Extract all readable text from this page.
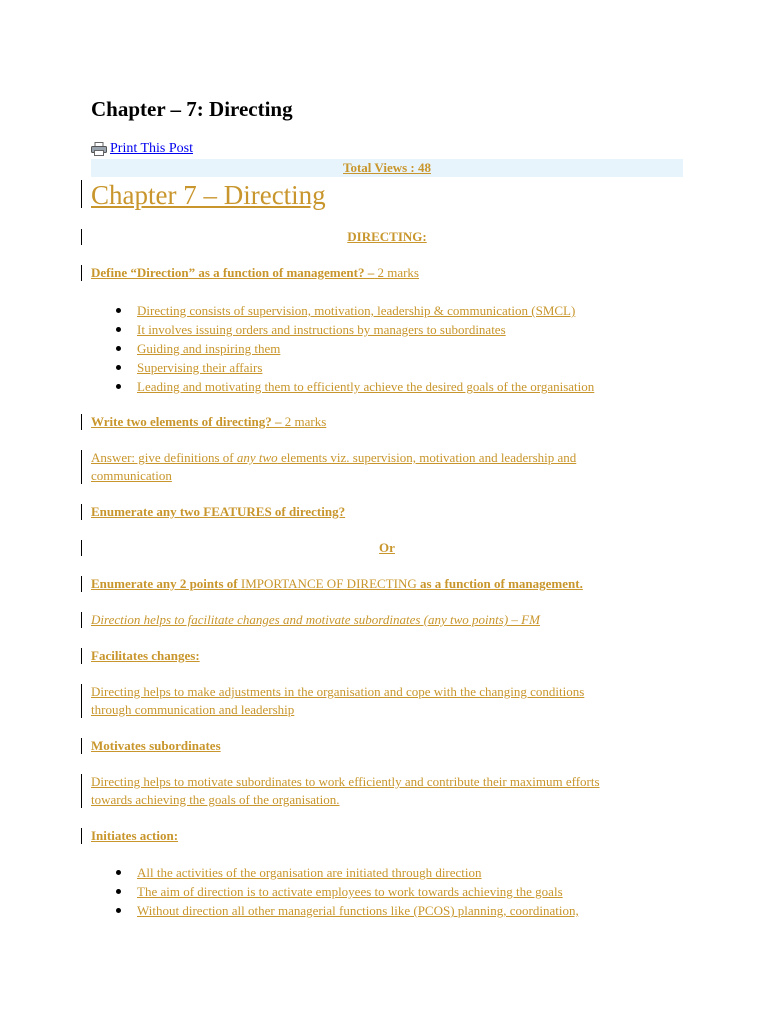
Chapter – 7: Directing
Print This Post
Total Views : 48
Chapter 7 – Directing
DIRECTING:
Define “Direction” as a function of management? – 2 marks
Directing consists of supervision, motivation, leadership & communication (SMCL)
It involves issuing orders and instructions by managers to subordinates
Guiding and inspiring them
Supervising their affairs
Leading and motivating them to efficiently achieve the desired goals of the organisation
Write two elements of directing? – 2 marks
Answer: give definitions of any two elements viz. supervision, motivation and leadership and
communication
Enumerate any two FEATURES of directing?
Or
Enumerate any 2 points of IMPORTANCE OF DIRECTING as a function of management.
Direction helps to facilitate changes and motivate subordinates (any two points) – FM
Facilitates changes:
Directing helps to make adjustments in the organisation and cope with the changing conditions
through communication and leadership
Motivates subordinates
Directing helps to motivate subordinates to work efficiently and contribute their maximum efforts
towards achieving the goals of the organisation.
Initiates action:
All the activities of the organisation are initiated through direction
The aim of direction is to activate employees to work towards achieving the goals
Without direction all other managerial functions like (PCOS) planning, coordination,
